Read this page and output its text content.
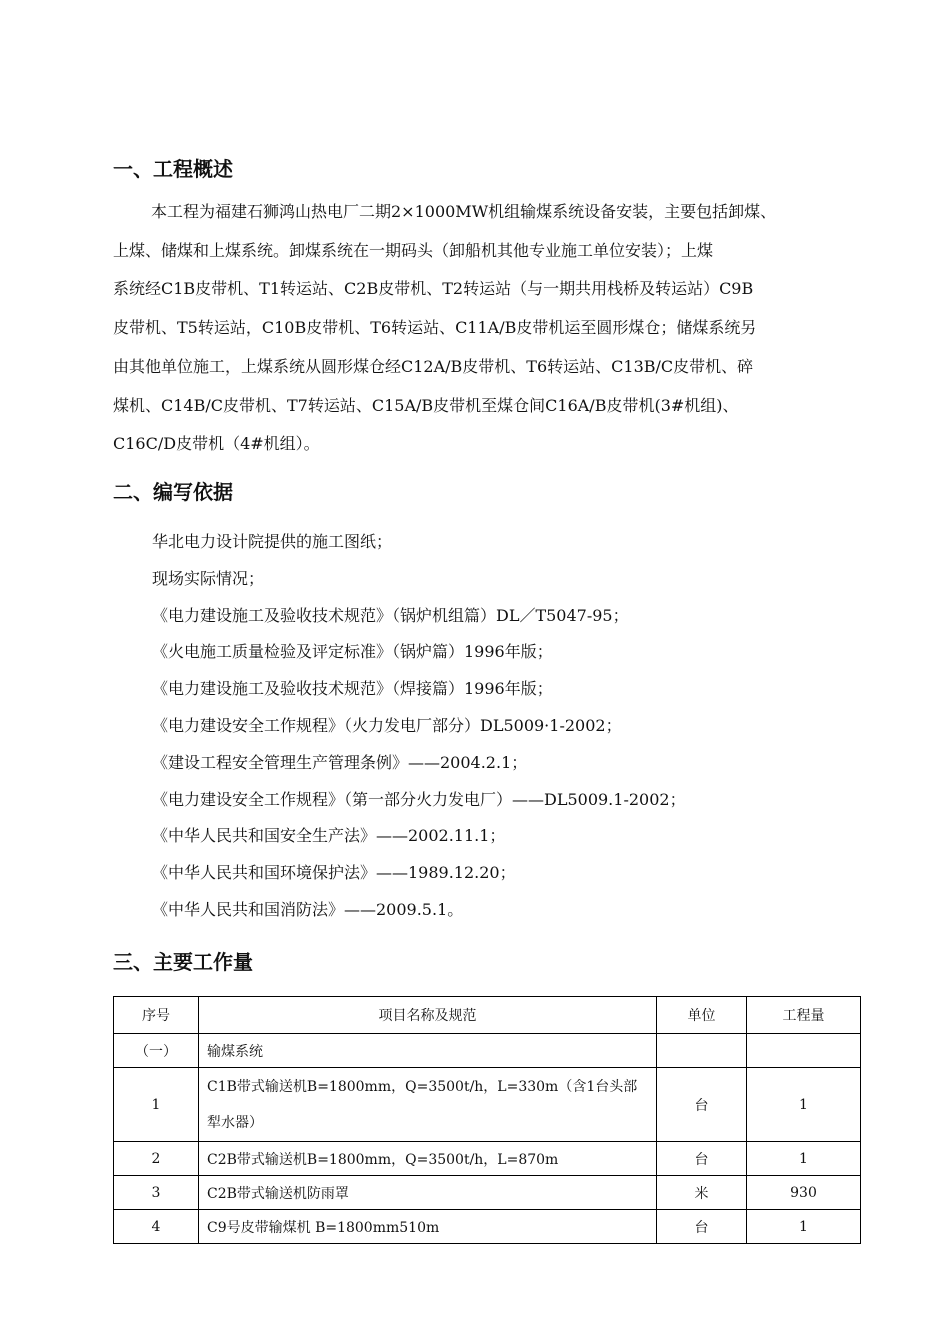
一、工程概述
本工程为福建石狮鸿山热电厂二期2×1000MW机组输煤系统设备安装，主要包括卸煤、
上煤、储煤和上煤系统。卸煤系统在一期码头（卸船机其他专业施工单位安装）；上煤
系统经C1B皮带机、T1转运站、C2B皮带机、T2转运站（与一期共用栈桥及转运站）C9B
皮带机、T5转运站，C10B皮带机、T6转运站、C11A/B皮带机运至圆形煤仓；储煤系统另
由其他单位施工，上煤系统从圆形煤仓经C12A/B皮带机、T6转运站、C13B/C皮带机、碎
煤机、C14B/C皮带机、T7转运站、C15A/B皮带机至煤仓间C16A/B皮带机(3#机组)、
C16C/D皮带机（4#机组）。
二、编写依据
华北电力设计院提供的施工图纸；
现场实际情况；
《电力建设施工及验收技术规范》（锅炉机组篇）DL／T5047-95；
《火电施工质量检验及评定标准》（锅炉篇）1996年版；
《电力建设施工及验收技术规范》（焊接篇）1996年版；
《电力建设安全工作规程》（火力发电厂部分）DL5009·1-2002；
《建设工程安全管理生产管理条例》——2004.2.1；
《电力建设安全工作规程》（第一部分火力发电厂）——DL5009.1-2002；
《中华人民共和国安全生产法》——2002.11.1；
《中华人民共和国环境保护法》——1989.12.20；
《中华人民共和国消防法》——2009.5.1。
三、主要工作量
序号	项目名称及规范	单位	工程量
（一）	输煤系统		
1	C1B带式输送机B=1800mm，Q=3500t/h，L=330m（含1台头部犁水器）	台	1
2	C2B带式输送机B=1800mm，Q=3500t/h，L=870m	台	1
3	C2B带式输送机防雨罩	米	930
4	C9号皮带输煤机 B=1800mm510m	台	1
